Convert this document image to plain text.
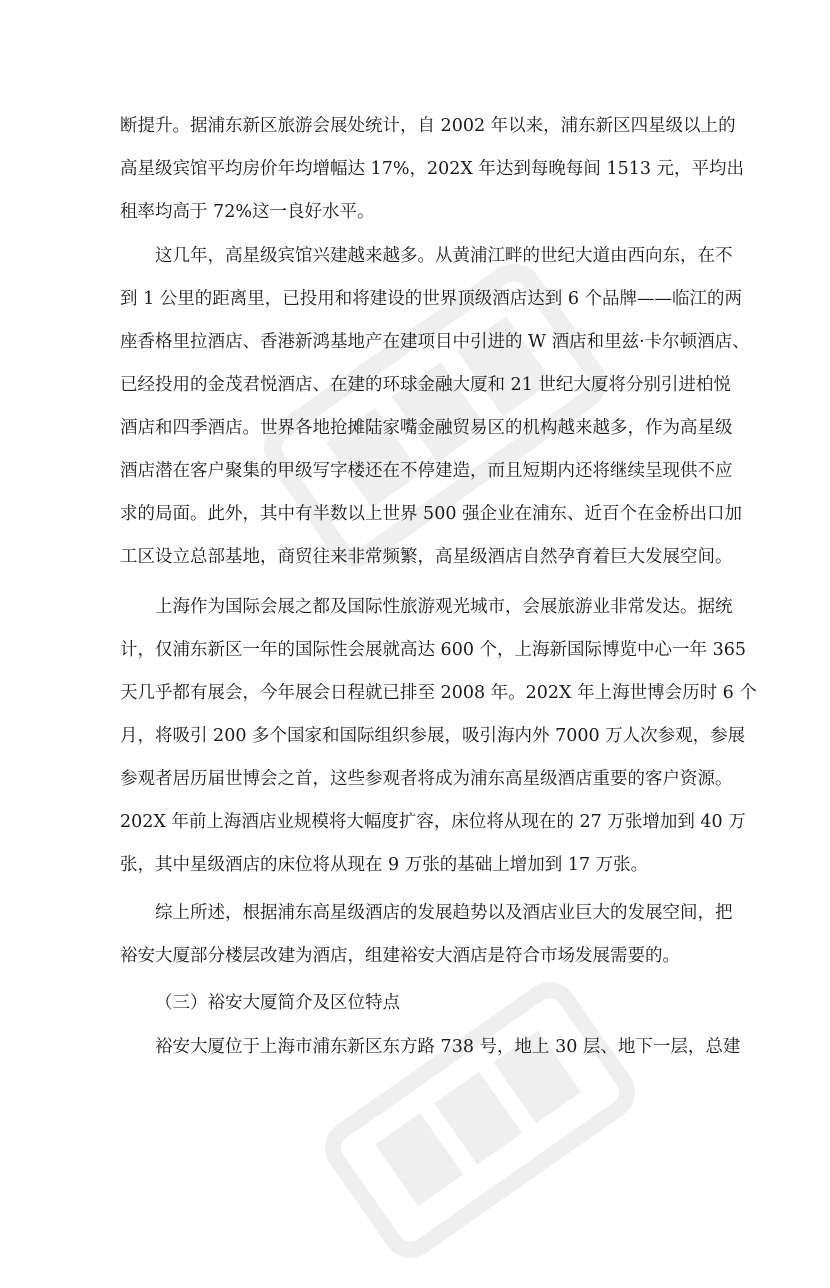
断提升。据浦东新区旅游会展处统计，自 2002 年以来，浦东新区四星级以上的
高星级宾馆平均房价年均增幅达 17%，202X 年达到每晚每间 1513 元，平均出
租率均高于 72%这一良好水平。
这几年，高星级宾馆兴建越来越多。从黄浦江畔的世纪大道由西向东，在不
到 1 公里的距离里，已投用和将建设的世界顶级酒店达到 6 个品牌——临江的两
座香格里拉酒店、香港新鸿基地产在建项目中引进的 W 酒店和里兹·卡尔顿酒店、
已经投用的金茂君悦酒店、在建的环球金融大厦和 21 世纪大厦将分别引进柏悦
酒店和四季酒店。世界各地抢摊陆家嘴金融贸易区的机构越来越多，作为高星级
酒店潜在客户聚集的甲级写字楼还在不停建造，而且短期内还将继续呈现供不应
求的局面。此外，其中有半数以上世界 500 强企业在浦东、近百个在金桥出口加
工区设立总部基地，商贸往来非常频繁，高星级酒店自然孕育着巨大发展空间。
上海作为国际会展之都及国际性旅游观光城市，会展旅游业非常发达。据统
计，仅浦东新区一年的国际性会展就高达 600 个，上海新国际博览中心一年 365
天几乎都有展会，今年展会日程就已排至 2008 年。202X 年上海世博会历时 6 个
月，将吸引 200 多个国家和国际组织参展，吸引海内外 7000 万人次参观，参展
参观者居历届世博会之首，这些参观者将成为浦东高星级酒店重要的客户资源。
202X 年前上海酒店业规模将大幅度扩容，床位将从现在的 27 万张增加到 40 万
张，其中星级酒店的床位将从现在 9 万张的基础上增加到 17 万张。
综上所述，根据浦东高星级酒店的发展趋势以及酒店业巨大的发展空间，把
裕安大厦部分楼层改建为酒店，组建裕安大酒店是符合市场发展需要的。
（三）裕安大厦简介及区位特点
裕安大厦位于上海市浦东新区东方路 738 号，地上 30 层、地下一层，总建
